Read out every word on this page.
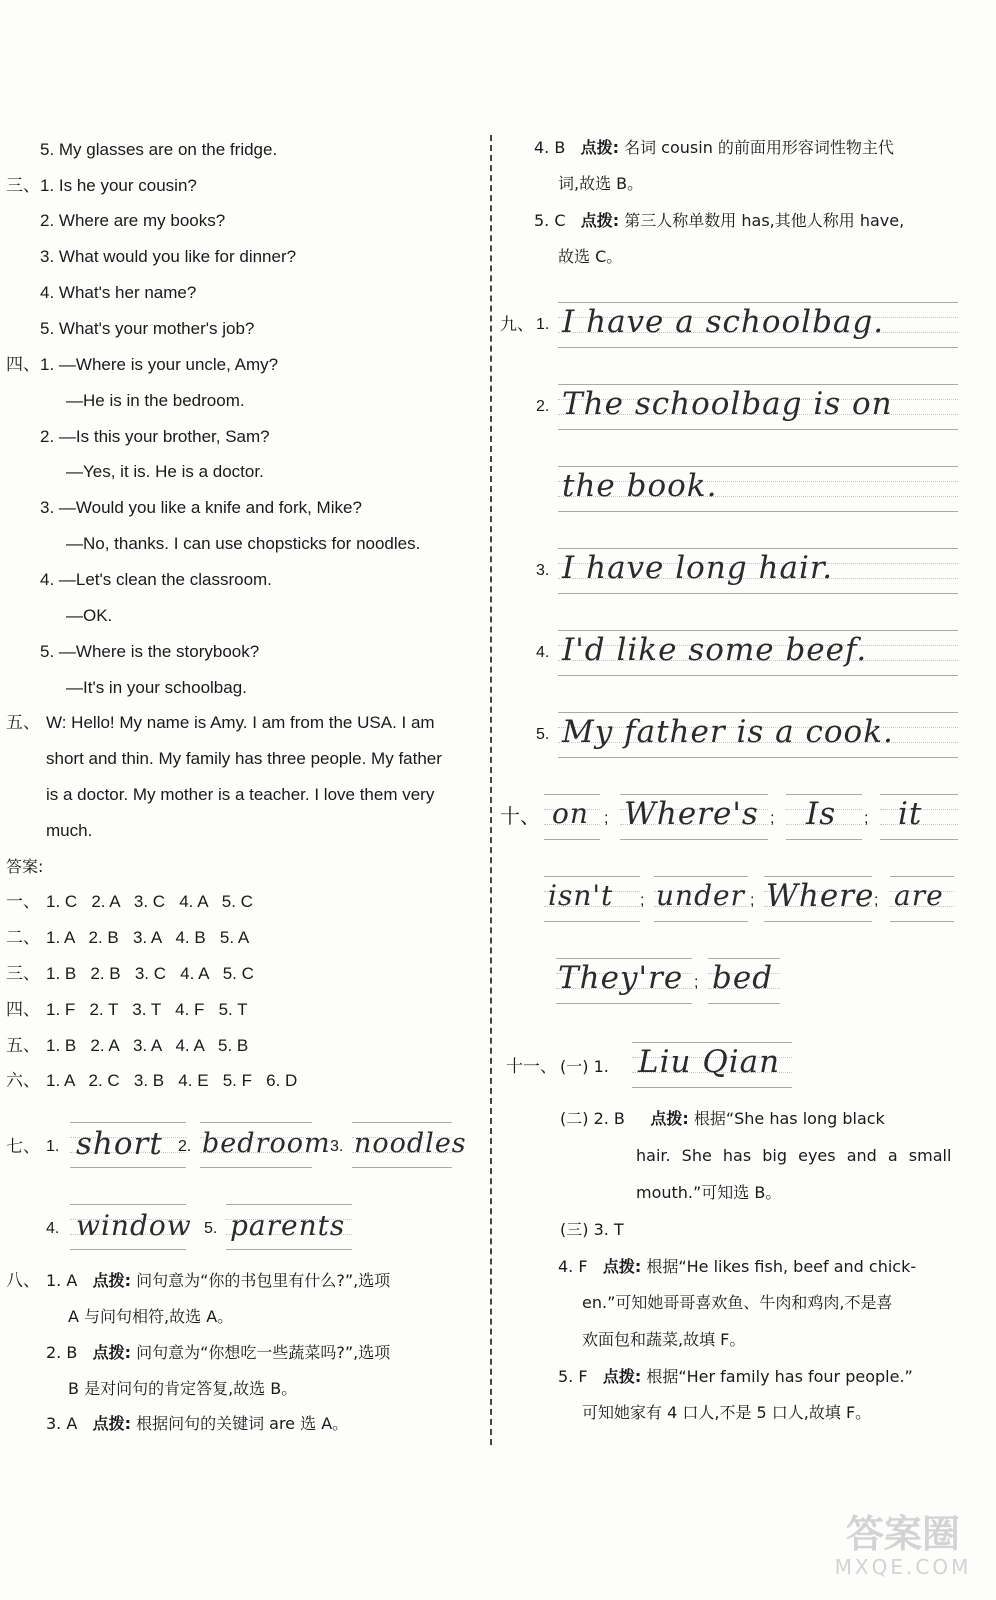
5. My glasses are on the fridge.
三、 1. Is he your cousin?
2. Where are my books?
3. What would you like for dinner?
4. What's her name?
5. What's your mother's job?
四、 1. —Where is your uncle, Amy?
—He is in the bedroom.
2. —Is this your brother, Sam?
—Yes, it is. He is a doctor.
3. —Would you like a knife and fork, Mike?
—No, thanks. I can use chopsticks for noodles.
4. —Let's clean the classroom.
—OK.
5. —Where is the storybook?
—It's in your schoolbag.
五、 W: Hello! My name is Amy. I am from the USA. I am
short and thin. My family has three people. My father
is a doctor. My mother is a teacher. I love them very
much.
答案:
一、 1. C   2. A   3. C   4. A   5. C
二、 1. A   2. B   3. A   4. B   5. A
三、 1. B   2. B   3. C   4. A   5. C
四、 1. F   2. T   3. T   4. F   5. T
五、 1. B   2. A   3. A   4. A   5. B
六、 1. A   2. C   3. B   4. E   5. F   6. D
七、 1. short 2. bedroom 3. noodles
4. window 5. parents
八、 1. A 点拨: 问句意为“你的书包里有什么?”,选项
A 与问句相符,故选 A。
2. B 点拨: 问句意为“你想吃一些蔬菜吗?”,选项
B 是对问句的肯定答复,故选 B。
3. A 点拨: 根据问句的关键词 are 选 A。
4. B 点拨: 名词 cousin 的前面用形容词性物主代
词,故选 B。
5. C 点拨: 第三人称单数用 has,其他人称用 have,
故选 C。
九、 1. I have a schoolbag.
2. The schoolbag is on
the book.
3. I have long hair.
4. I'd like some beef.
5. My father is a cook.
十、 on ; Where's ; Is ; it
isn't ; under ; Where ; are
They're ; bed
十一、 (一) 1. Liu Qian
(二) 2. B 点拨: 根据“She has long black
hair. She has big eyes and a small
mouth.”可知选 B。
(三) 3. T
4. F 点拨: 根据“He likes fish, beef and chick-
en.”可知她哥哥喜欢鱼、牛肉和鸡肉,不是喜
欢面包和蔬菜,故填 F。
5. F 点拨: 根据“Her family has four people.”
可知她家有 4 口人,不是 5 口人,故填 F。
答案圈
MXQE.COM
